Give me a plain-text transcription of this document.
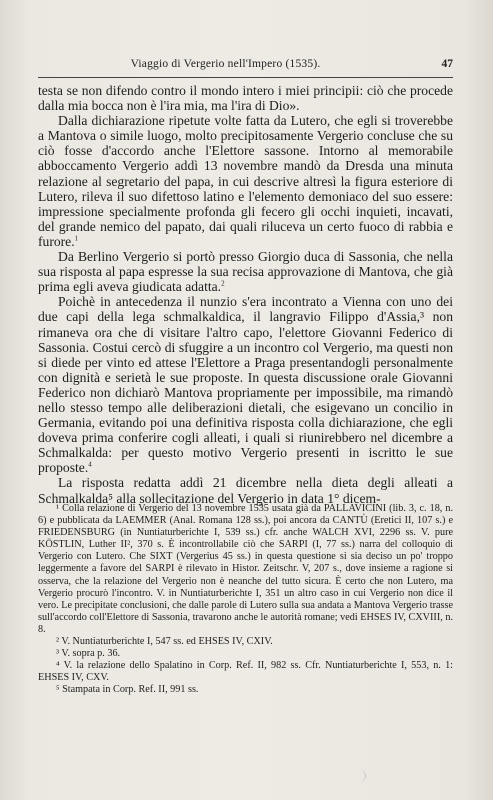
Viaggio di Vergerio nell'Impero (1535).	47

testa se non difendo contro il mondo intero i miei principii: ciò che procede dalla mia bocca non è l'ira mia, ma l'ira di Dio».

Dalla dichiarazione ripetute volte fatta da Lutero, che egli si troverebbe a Mantova o simile luogo, molto precipitosamente Vergerio concluse che su ciò fosse d'accordo anche l'Elettore sassone. Intorno al memorabile abboccamento Vergerio addì 13 novembre mandò da Dresda una minuta relazione al segretario del papa, in cui descrive altresì la figura esteriore di Lutero, rileva il suo difettoso latino e l'elemento demoniaco del suo essere: impressione specialmente profonda gli fecero gli occhi inquieti, incavati, del grande nemico del papato, dai quali riluceva un certo fuoco di rabbia e furore.$^1$

Da Berlino Vergerio si portò presso Giorgio duca di Sassonia, che nella sua risposta al papa espresse la sua recisa approvazione di Mantova, che già prima egli aveva giudicata adatta.$^2$

Poichè in antecedenza il nunzio s'era incontrato a Vienna con uno dei due capi della lega schmalkaldica, il langravio Filippo d'Assia,³ non rimaneva ora che di visitare l'altro capo, l'elettore Giovanni Federico di Sassonia. Costui cercò di sfuggire a un incontro col Vergerio, ma questi non si diede per vinto ed attese l'Elettore a Praga presentandogli personalmente con dignità e serietà le sue proposte. In questa discussione orale Giovanni Federico non dichiarò Mantova propriamente per impossibile, ma rimandò nello stesso tempo alle deliberazioni dietali, che esigevano un concilio in Germania, evitando poi una definitiva risposta colla dichiarazione, che egli doveva prima conferire cogli alleati, i quali si riunirebbero nel dicembre a Schmalkalda: per questo motivo Vergerio presenti in iscritto le sue proposte.$^4$

La risposta redatta addì 21 dicembre nella dieta degli alleati a Schmalkalda⁵ alla sollecitazione del Vergerio in data 1° dicem-

¹ Colla relazione di Vergerio del 13 novembre 1535 usata già da PALLAVICINI (lib. 3, c. 18, n. 6) e pubblicata da LAEMMER (Anal. Romana 128 ss.), poi ancora da CANTÙ (Eretici II, 107 s.) e FRIEDENSBURG (in Nuntiaturberichte I, 539 ss.) cfr. anche WALCH XVI, 2296 ss. V. pure KÖSTLIN, Luther II², 370 s. È incontrollabile ciò che SARPI (I, 77 ss.) narra del colloquio di Vergerio con Lutero. Che SIXT (Vergerius 45 ss.) in questa questione si sia deciso un po' troppo leggermente a favore del SARPI è rilevato in Histor. Zeitschr. V, 207 s., dove insieme a ragione si osserva, che la relazione del Vergerio non è neanche del tutto sicura. È certo che non Lutero, ma Vergerio procurò l'incontro. V. in Nuntiaturberichte I, 351 un altro caso in cui Vergerio non dice il vero. Le precipitate conclusioni, che dalle parole di Lutero sulla sua andata a Mantova Vergerio trasse sull'accordo coll'Elettore di Sassonia, travarono anche le autorità romane; vedi EHSES IV, CXVIII, n. 8.

² V. Nuntiaturberichte I, 547 ss. ed EHSES IV, CXIV.

³ V. sopra p. 36.

⁴ V. la relazione dello Spalatino in Corp. Ref. II, 982 ss. Cfr. Nuntiaturberichte I, 553, n. 1: EHSES IV, CXV.

⁵ Stampata in Corp. Ref. II, 991 ss.
